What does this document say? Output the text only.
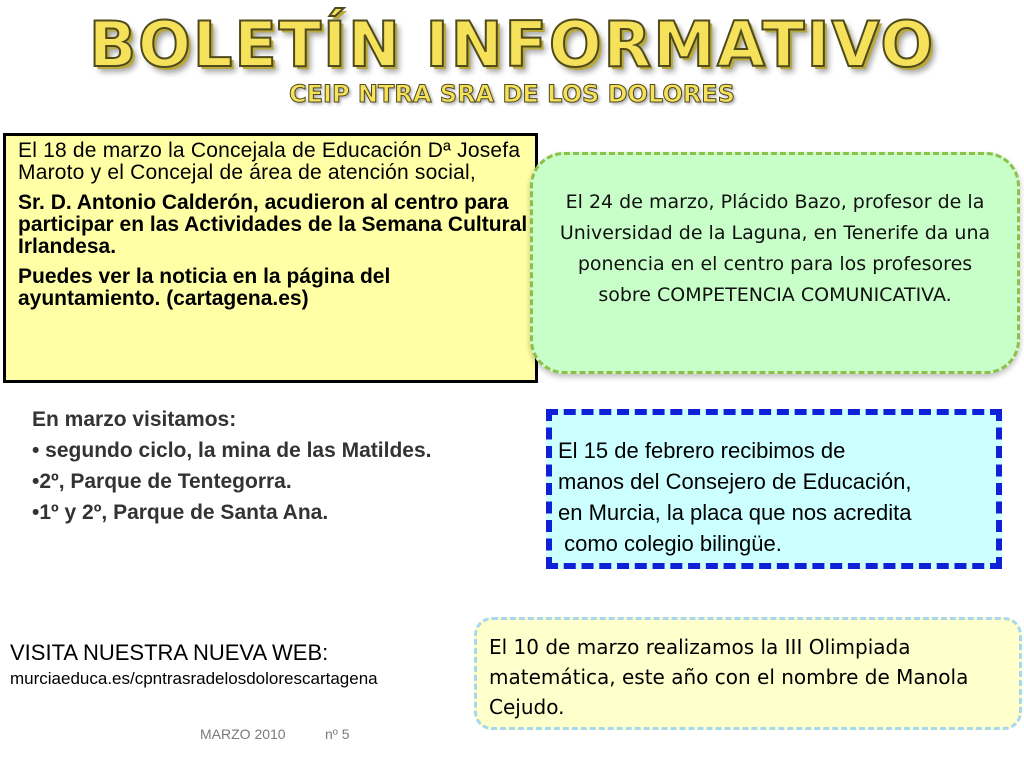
BOLETÍN INFORMATIVO
CEIP NTRA SRA DE LOS DOLORES

El 18 de marzo la Concejala de Educación Dª Josefa Maroto y el Concejal de área de atención social,

Sr. D. Antonio Calderón, acudieron al centro para participar en las Actividades de la Semana Cultural Irlandesa.

Puedes ver la noticia en la página del ayuntamiento. (cartagena.es)

El 24 de marzo, Plácido Bazo, profesor de la Universidad de la Laguna, en Tenerife da una ponencia en el centro para los profesores sobre COMPETENCIA COMUNICATIVA.
En marzo visitamos:
• segundo ciclo, la mina de las Matildes.
•2º, Parque de Tentegorra.
•1º y 2º, Parque de Santa Ana.
El 15 de febrero recibimos de
manos del Consejero de Educación,
en Murcia, la placa que nos acredita
como colegio bilingüe.
VISITA NUESTRA NUEVA WEB:
murciaeduca.es/cpntrasradelosdolorescartagena
El 10 de marzo realizamos la III Olimpiada matemática, este año con el nombre de Manola Cejudo.
MARZO 2010	nº 5
